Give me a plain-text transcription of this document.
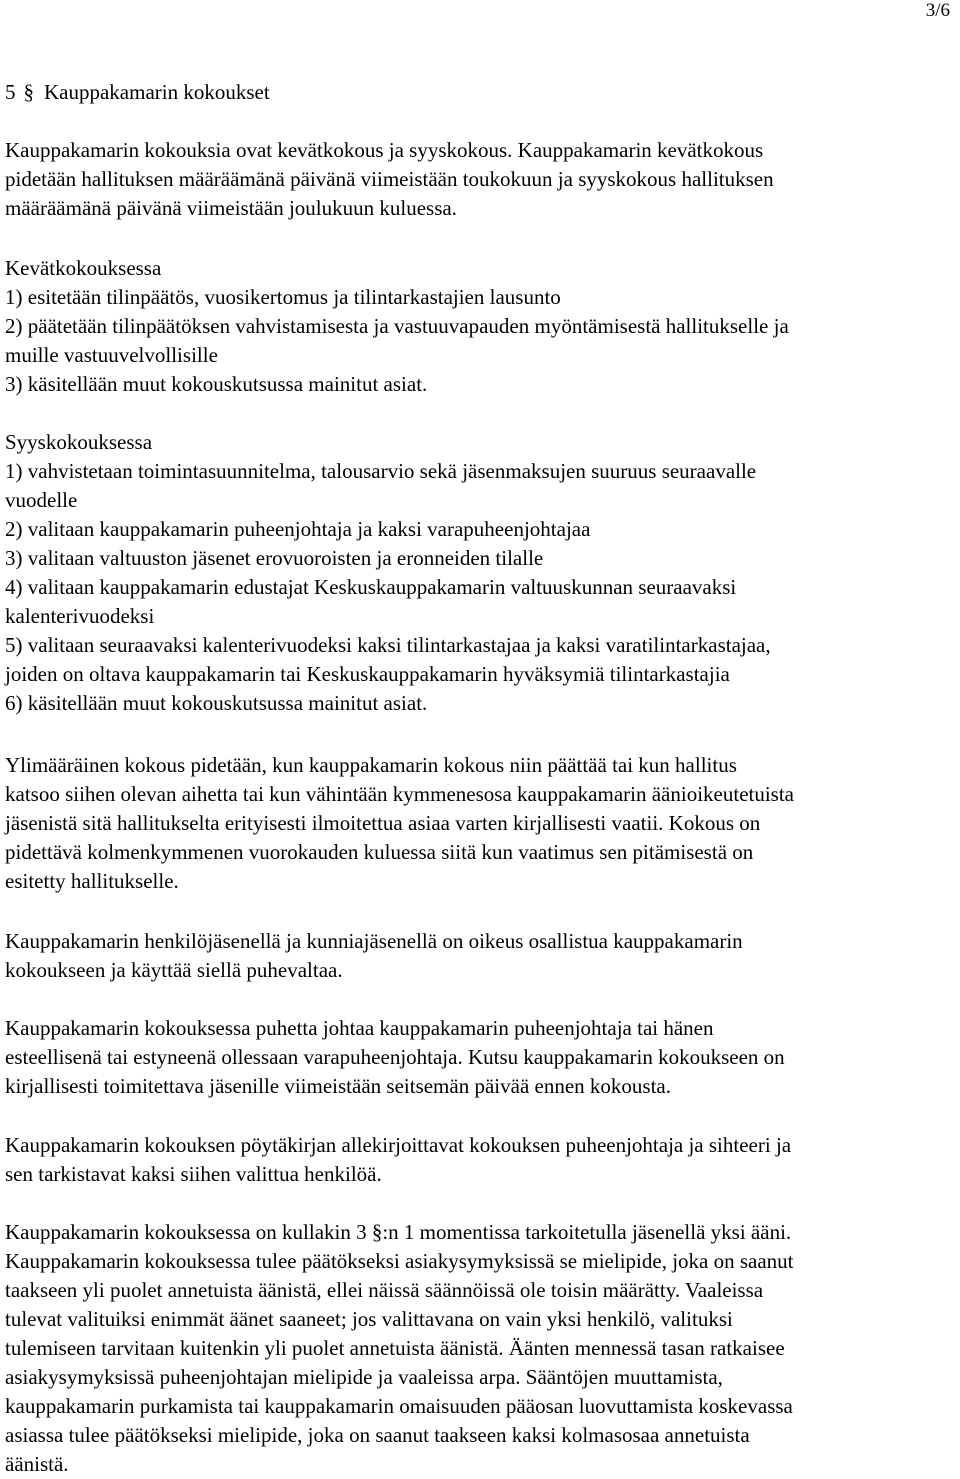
3/6
5 § Kauppakamarin kokoukset
Kauppakamarin kokouksia ovat kevätkokous ja syyskokous. Kauppakamarin kevätkokous
pidetään hallituksen määräämänä päivänä viimeistään toukokuun ja syyskokous hallituksen
määräämänä päivänä viimeistään joulukuun kuluessa.
Kevätkokouksessa
1) esitetään tilinpäätös, vuosikertomus ja tilintarkastajien lausunto
2) päätetään tilinpäätöksen vahvistamisesta ja vastuuvapauden myöntämisestä hallitukselle ja
muille vastuuvelvollisille
3) käsitellään muut kokouskutsussa mainitut asiat.
Syyskokouksessa
1) vahvistetaan toimintasuunnitelma, talousarvio sekä jäsenmaksujen suuruus seuraavalle
vuodelle
2) valitaan kauppakamarin puheenjohtaja ja kaksi varapuheenjohtajaa
3) valitaan valtuuston jäsenet erovuoroisten ja eronneiden tilalle
4) valitaan kauppakamarin edustajat Keskuskauppakamarin valtuuskunnan seuraavaksi
kalenterivuodeksi
5) valitaan seuraavaksi kalenterivuodeksi kaksi tilintarkastajaa ja kaksi varatilintarkastajaa,
joiden on oltava kauppakamarin tai Keskuskauppakamarin hyväksymiä tilintarkastajia
6) käsitellään muut kokouskutsussa mainitut asiat.
Ylimääräinen kokous pidetään, kun kauppakamarin kokous niin päättää tai kun hallitus
katsoo siihen olevan aihetta tai kun vähintään kymmenesosa kauppakamarin äänioikeutetuista
jäsenistä sitä hallitukselta erityisesti ilmoitettua asiaa varten kirjallisesti vaatii. Kokous on
pidettävä kolmenkymmenen vuorokauden kuluessa siitä kun vaatimus sen pitämisestä on
esitetty hallitukselle.
Kauppakamarin henkilöjäsenellä ja kunniajäsenellä on oikeus osallistua kauppakamarin
kokoukseen ja käyttää siellä puhevaltaa.
Kauppakamarin kokouksessa puhetta johtaa kauppakamarin puheenjohtaja tai hänen
esteellisenä tai estyneenä ollessaan varapuheenjohtaja. Kutsu kauppakamarin kokoukseen on
kirjallisesti toimitettava jäsenille viimeistään seitsemän päivää ennen kokousta.
Kauppakamarin kokouksen pöytäkirjan allekirjoittavat kokouksen puheenjohtaja ja sihteeri ja
sen tarkistavat kaksi siihen valittua henkilöä.
Kauppakamarin kokouksessa on kullakin 3 §:n 1 momentissa tarkoitetulla jäsenellä yksi ääni.
Kauppakamarin kokouksessa tulee päätökseksi asiakysymyksissä se mielipide, joka on saanut
taakseen yli puolet annetuista äänistä, ellei näissä säännöissä ole toisin määrätty. Vaaleissa
tulevat valituiksi enimmät äänet saaneet; jos valittavana on vain yksi henkilö, valituksi
tulemiseen tarvitaan kuitenkin yli puolet annetuista äänistä. Äänten mennessä tasan ratkaisee
asiakysymyksissä puheenjohtajan mielipide ja vaaleissa arpa. Sääntöjen muuttamista,
kauppakamarin purkamista tai kauppakamarin omaisuuden pääosan luovuttamista koskevassa
asiassa tulee päätökseksi mielipide, joka on saanut taakseen kaksi kolmasosaa annetuista
äänistä.
